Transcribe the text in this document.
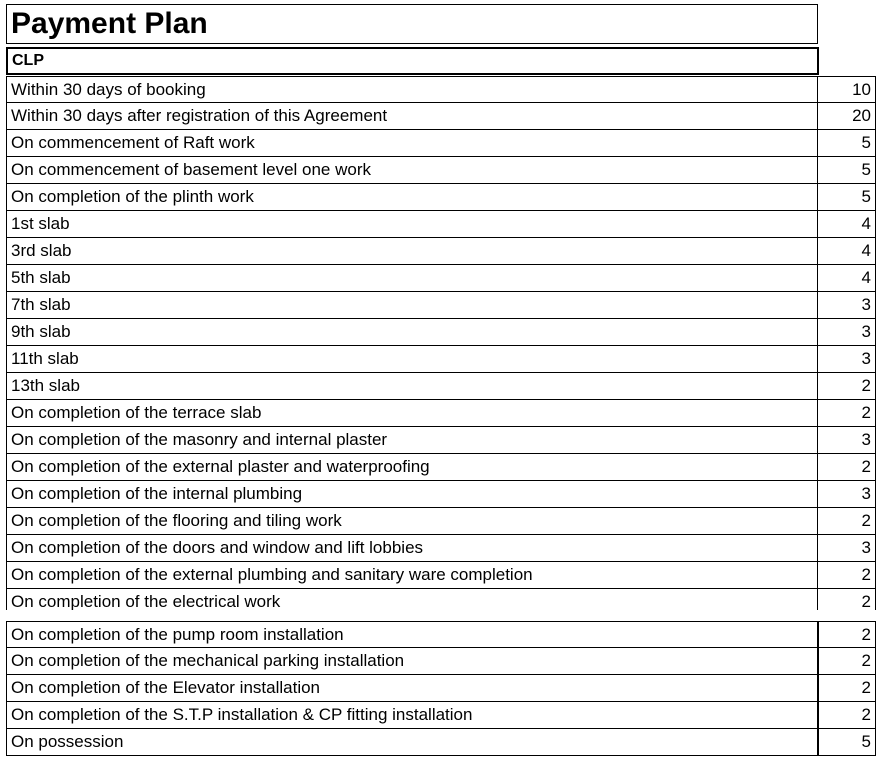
Payment Plan
CLP
Within 30 days of booking	10
Within 30 days after registration of this Agreement	20
On commencement of Raft work	5
On commencement of basement level one work	5
On completion of the plinth work	5
1st slab	4
3rd slab	4
5th slab	4
7th slab	3
9th slab	3
11th slab	3
13th slab	2
On completion of the terrace slab	2
On completion of the masonry and internal plaster	3
On completion of the external plaster and waterproofing	2
On completion of the internal plumbing	3
On completion of the flooring and tiling work	2
On completion of the doors and window and lift lobbies	3
On completion of the external plumbing and sanitary ware completion	2
On completion of the electrical work	2
On completion of the pump room installation	2
On completion of the mechanical parking installation	2
On completion of the Elevator installation	2
On completion of the S.T.P installation & CP fitting installation	2
On possession	5
